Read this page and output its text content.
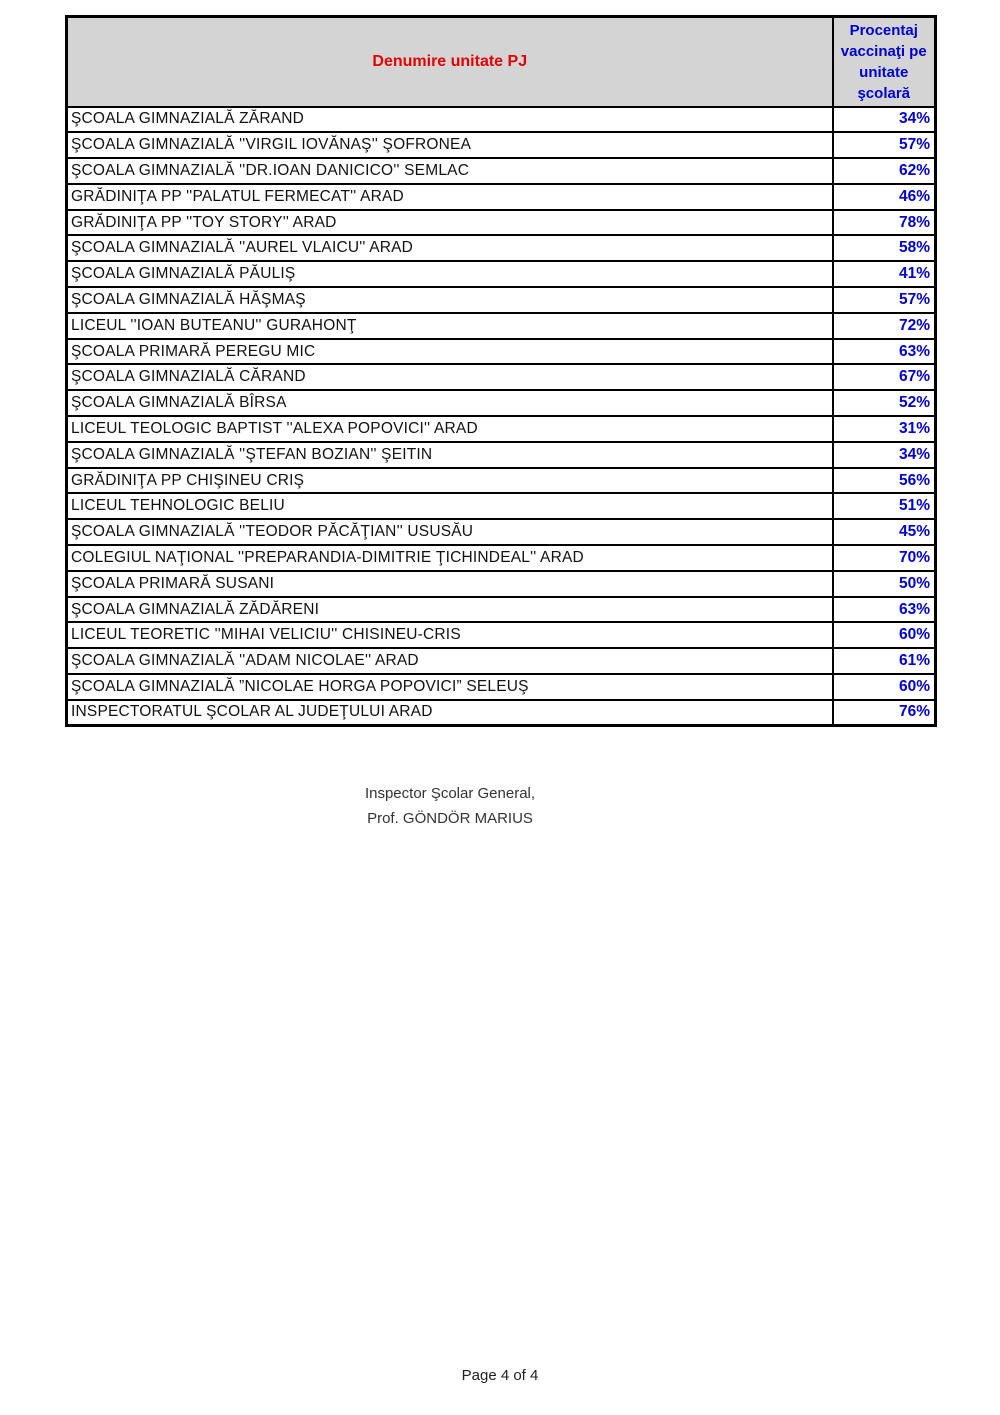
Denumire unitate PJ	Procentaj
vaccinaţi pe
unitate
şcolară

ŞCOALA GIMNAZIALĂ ZĂRAND	34%
ŞCOALA GIMNAZIALĂ ''VIRGIL IOVĂNAŞ'' ŞOFRONEA	57%
ŞCOALA GIMNAZIALĂ ''DR.IOAN DANICICO'' SEMLAC	62%
GRĂDINIŢA PP ''PALATUL FERMECAT'' ARAD	46%
GRĂDINIŢA PP ''TOY STORY'' ARAD	78%
ŞCOALA GIMNAZIALĂ ''AUREL VLAICU'' ARAD	58%
ŞCOALA GIMNAZIALĂ PĂULIŞ	41%
ŞCOALA GIMNAZIALĂ HĂŞMAŞ	57%
LICEUL ''IOAN BUTEANU'' GURAHONŢ	72%
ŞCOALA PRIMARĂ PEREGU MIC	63%
ŞCOALA GIMNAZIALĂ CĂRAND	67%
ŞCOALA GIMNAZIALĂ BÎRSA	52%
LICEUL TEOLOGIC BAPTIST ''ALEXA POPOVICI'' ARAD	31%
ŞCOALA GIMNAZIALĂ ''ŞTEFAN BOZIAN'' ŞEITIN	34%
GRĂDINIŢA PP CHIŞINEU CRIŞ	56%
LICEUL TEHNOLOGIC BELIU	51%
ŞCOALA GIMNAZIALĂ ''TEODOR PĂCĂŢIAN'' USUSĂU	45%
COLEGIUL NAŢIONAL ''PREPARANDIA-DIMITRIE ŢICHINDEAL'' ARAD	70%
ŞCOALA PRIMARĂ SUSANI	50%
ŞCOALA GIMNAZIALĂ ZĂDĂRENI	63%
LICEUL TEORETIC ''MIHAI VELICIU'' CHISINEU-CRIS	60%
ŞCOALA GIMNAZIALĂ ''ADAM NICOLAE'' ARAD	61%
ŞCOALA GIMNAZIALĂ ”NICOLAE HORGA POPOVICI” SELEUŞ	60%
INSPECTORATUL ŞCOLAR AL JUDEŢULUI ARAD	76%
Inspector Şcolar General,
Prof. GÖNDÖR MARIUS
Page 4 of 4
